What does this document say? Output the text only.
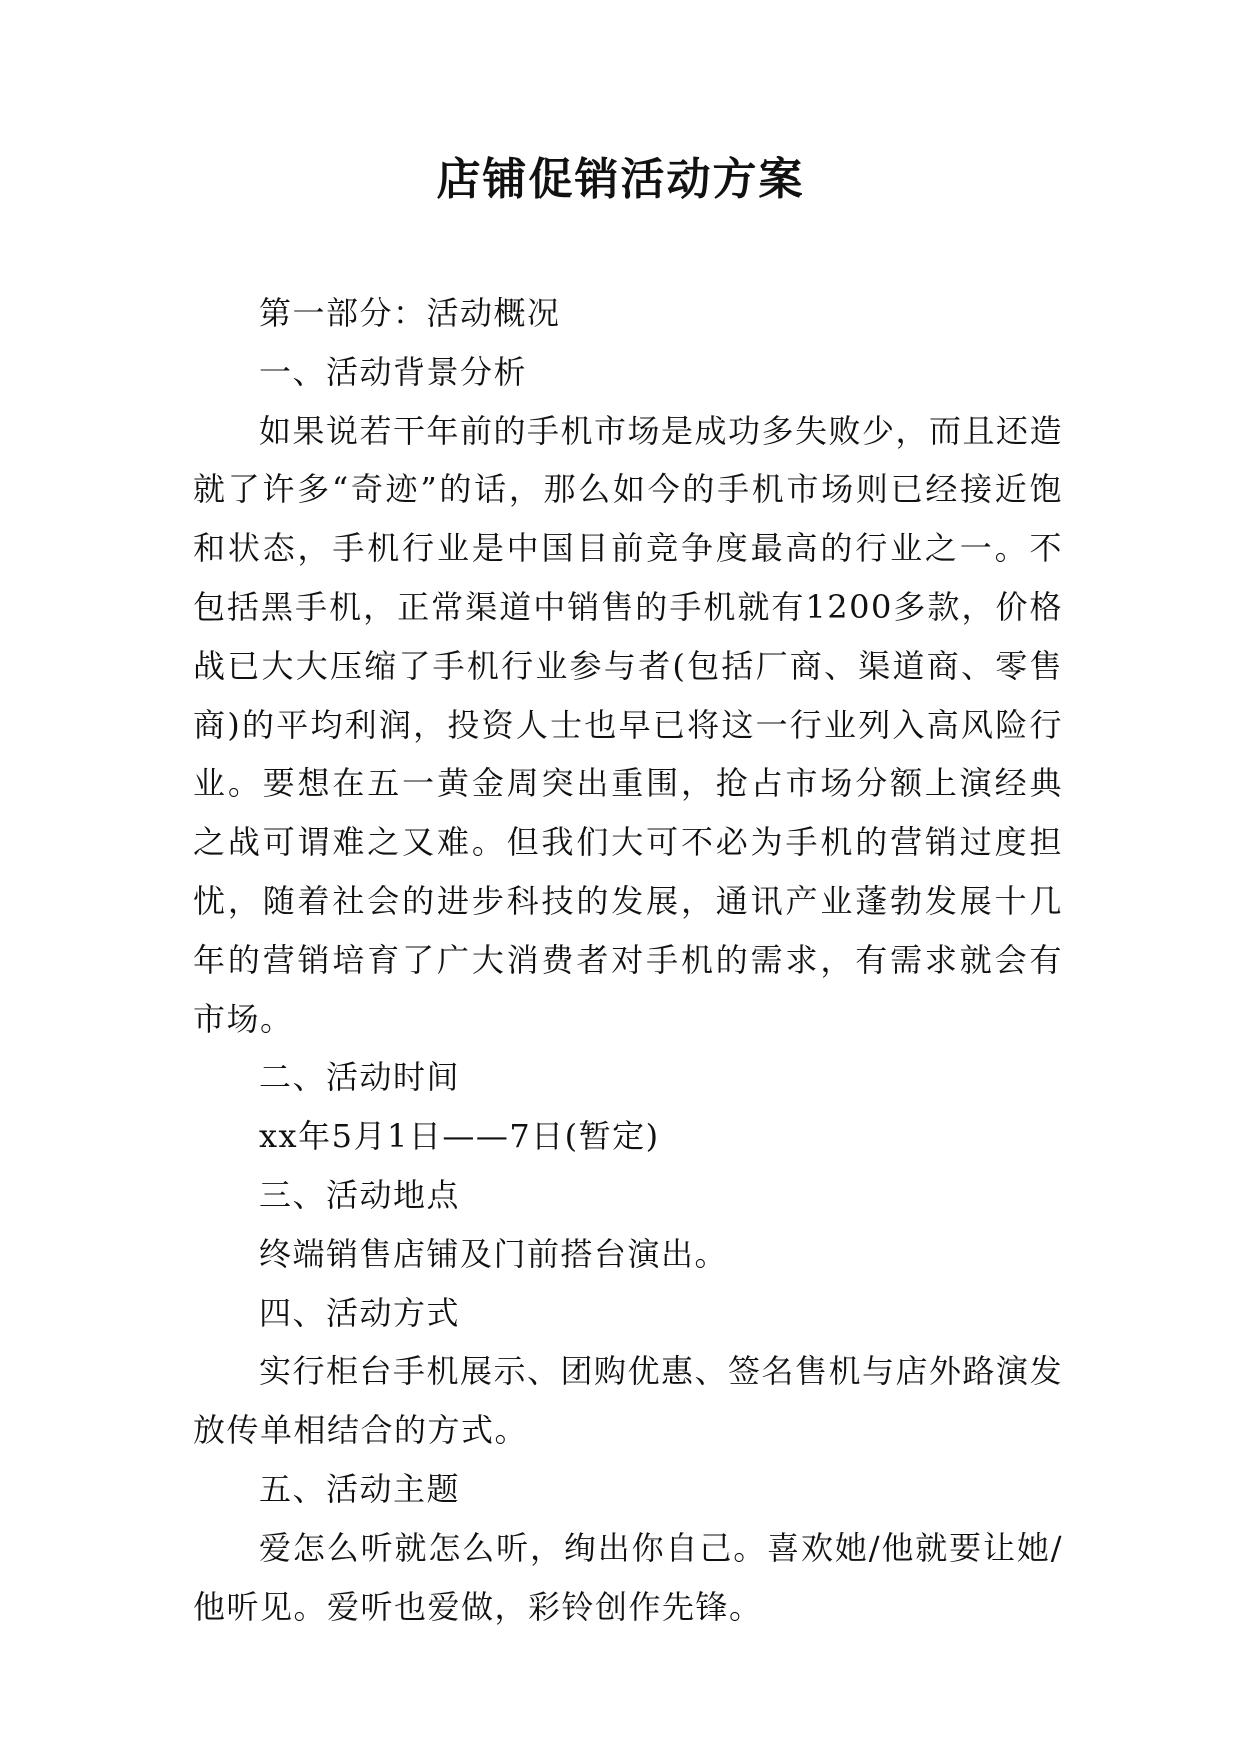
店铺促销活动方案

第一部分：活动概况

一、活动背景分析

如果说若干年前的手机市场是成功多失败少，而且还造就了许多“奇迹”的话，那么如今的手机市场则已经接近饱和状态，手机行业是中国目前竞争度最高的行业之一。不包括黑手机，正常渠道中销售的手机就有1200多款，价格战已大大压缩了手机行业参与者(包括厂商、渠道商、零售商)的平均利润，投资人士也早已将这一行业列入高风险行业。要想在五一黄金周突出重围，抢占市场分额上演经典之战可谓难之又难。但我们大可不必为手机的营销过度担忧，随着社会的进步科技的发展，通讯产业蓬勃发展十几年的营销培育了广大消费者对手机的需求，有需求就会有市场。

二、活动时间

xx年5月1日——7日(暂定)

三、活动地点

终端销售店铺及门前搭台演出。

四、活动方式

实行柜台手机展示、团购优惠、签名售机与店外路演发放传单相结合的方式。

五、活动主题

爱怎么听就怎么听，绚出你自己。喜欢她/他就要让她/他听见。爱听也爱做，彩铃创作先锋。
